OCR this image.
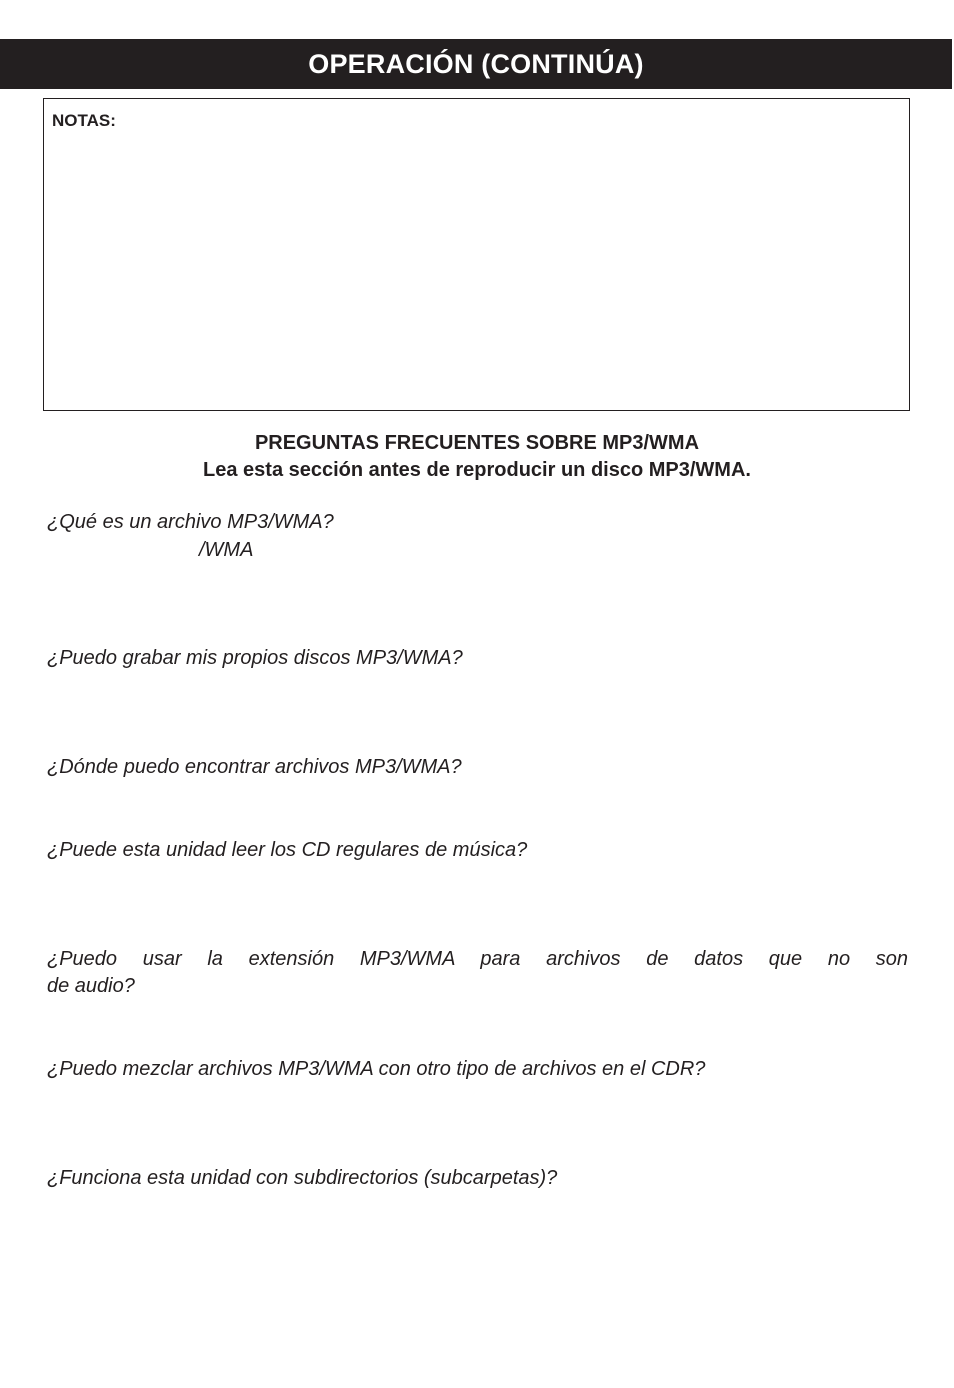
OPERACIÓN (CONTINÚA)
NOTAS:
PREGUNTAS FRECUENTES SOBRE MP3/WMA
Lea esta sección antes de reproducir un disco MP3/WMA.
¿Qué es un archivo MP3/WMA?
/WMA
¿Puedo grabar mis propios discos MP3/WMA?
¿Dónde puedo encontrar archivos MP3/WMA?
¿Puede esta unidad leer los CD regulares de música?
¿Puedo usar la extensión MP3/WMA para archivos de datos que no son
de audio?
¿Puedo mezclar archivos MP3/WMA con otro tipo de archivos en el CDR?
¿Funciona esta unidad con subdirectorios (subcarpetas)?
